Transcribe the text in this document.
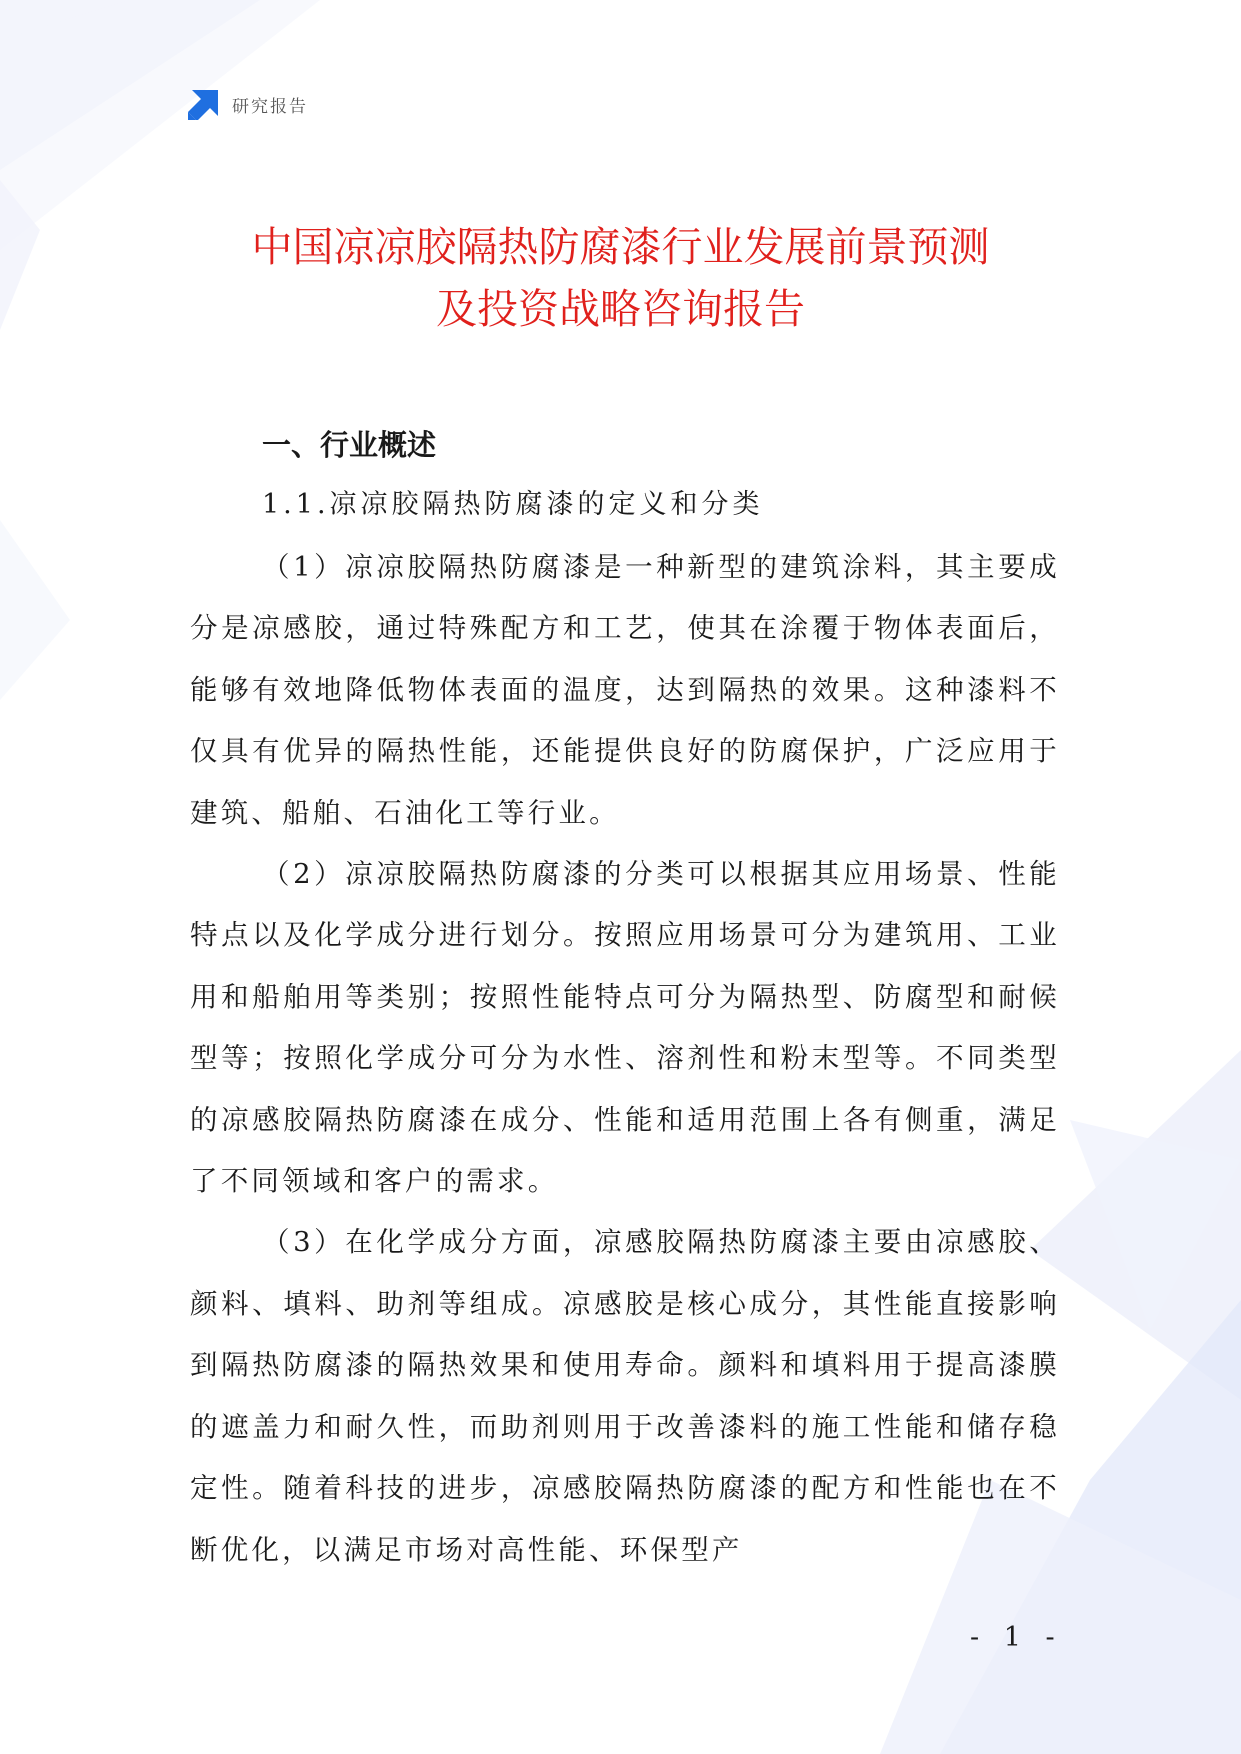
研究报告
中国凉凉胶隔热防腐漆行业发展前景预测
及投资战略咨询报告
一、行业概述
1.1.凉凉胶隔热防腐漆的定义和分类

（1）凉凉胶隔热防腐漆是一种新型的建筑涂料，其主要成分是凉感胶，通过特殊配方和工艺，使其在涂覆于物体表面后，能够有效地降低物体表面的温度，达到隔热的效果。这种漆料不仅具有优异的隔热性能，还能提供良好的防腐保护，广泛应用于建筑、船舶、石油化工等行业。

（2）凉凉胶隔热防腐漆的分类可以根据其应用场景、性能特点以及化学成分进行划分。按照应用场景可分为建筑用、工业用和船舶用等类别；按照性能特点可分为隔热型、防腐型和耐候型等；按照化学成分可分为水性、溶剂性和粉末型等。不同类型的凉感胶隔热防腐漆在成分、性能和适用范围上各有侧重，满足了不同领域和客户的需求。

（3）在化学成分方面，凉感胶隔热防腐漆主要由凉感胶、颜料、填料、助剂等组成。凉感胶是核心成分，其性能直接影响到隔热防腐漆的隔热效果和使用寿命。颜料和填料用于提高漆膜的遮盖力和耐久性，而助剂则用于改善漆料的施工性能和储存稳定性。随着科技的进步，凉感胶隔热防腐漆的配方和性能也在不断优化，以满足市场对高性能、环保型产

- 1 -
